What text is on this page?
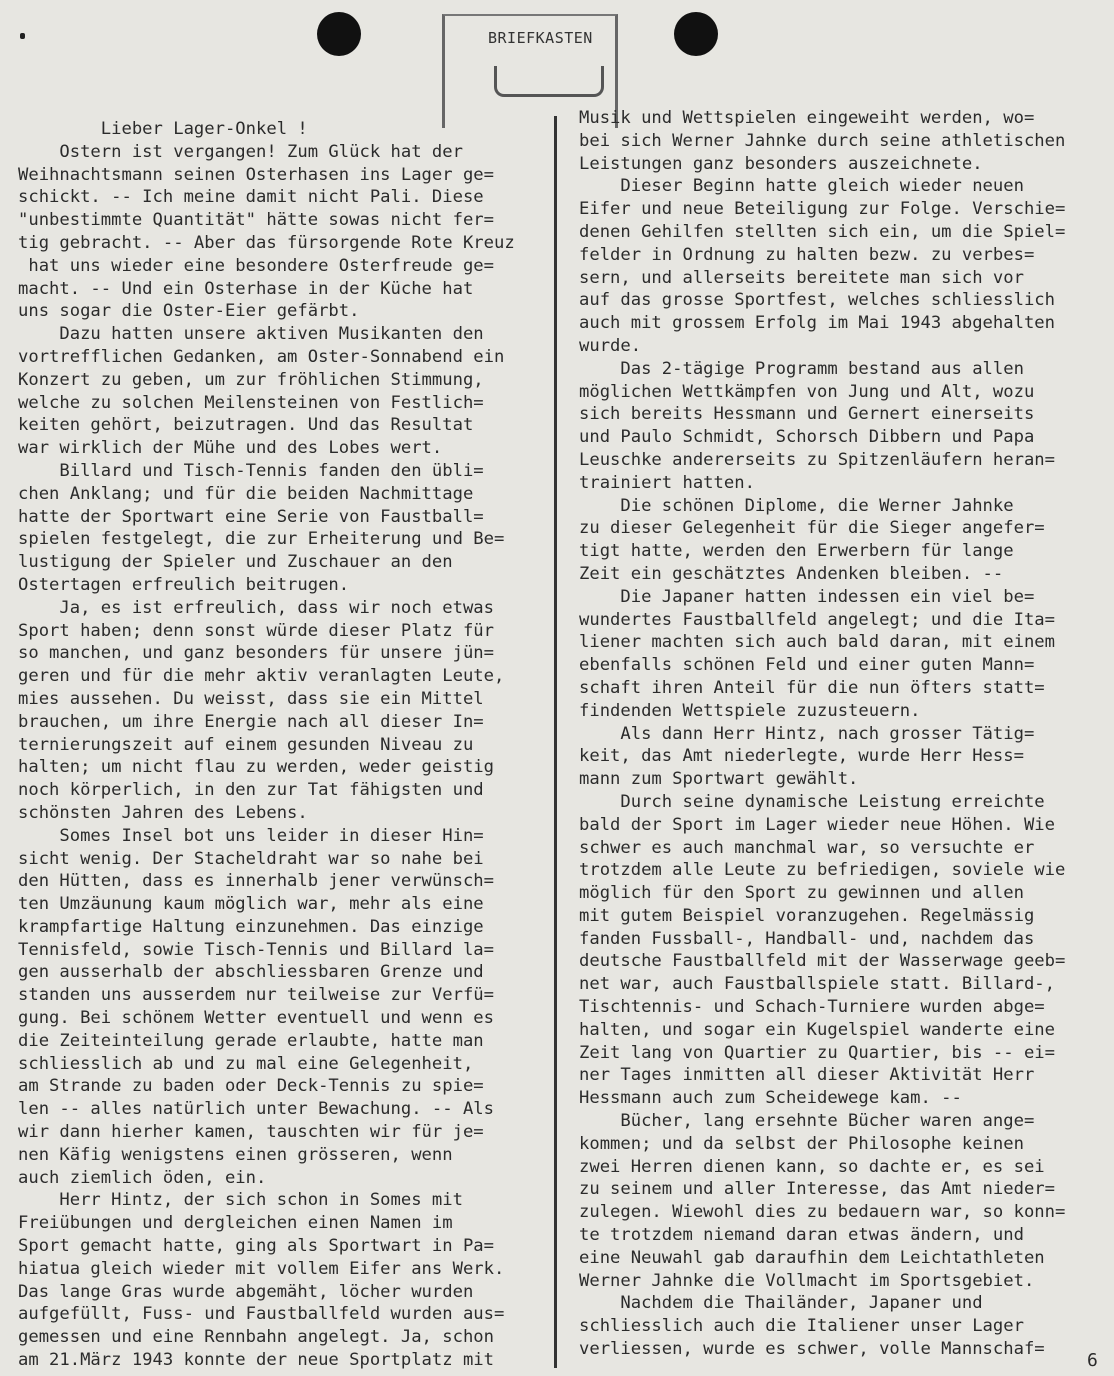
BRIEFKASTEN
Lieber Lager-Onkel !
Ostern ist vergangen! Zum Glück hat der
Weihnachtsmann seinen Osterhasen ins Lager ge=
schickt. -- Ich meine damit nicht Pali. Diese
"unbestimmte Quantität" hätte sowas nicht fer=
tig gebracht. -- Aber das fürsorgende Rote Kreuz
hat uns wieder eine besondere Osterfreude ge=
macht. -- Und ein Osterhase in der Küche hat
uns sogar die Oster-Eier gefärbt.
Dazu hatten unsere aktiven Musikanten den
vortrefflichen Gedanken, am Oster-Sonnabend ein
Konzert zu geben, um zur fröhlichen Stimmung,
welche zu solchen Meilensteinen von Festlich=
keiten gehört, beizutragen. Und das Resultat
war wirklich der Mühe und des Lobes wert.
Billard und Tisch-Tennis fanden den übli=
chen Anklang; und für die beiden Nachmittage
hatte der Sportwart eine Serie von Faustball=
spielen festgelegt, die zur Erheiterung und Be=
lustigung der Spieler und Zuschauer an den
Ostertagen erfreulich beitrugen.
Ja, es ist erfreulich, dass wir noch etwas
Sport haben; denn sonst würde dieser Platz für
so manchen, und ganz besonders für unsere jün=
geren und für die mehr aktiv veranlagten Leute,
mies aussehen. Du weisst, dass sie ein Mittel
brauchen, um ihre Energie nach all dieser In=
ternierungszeit auf einem gesunden Niveau zu
halten; um nicht flau zu werden, weder geistig
noch körperlich, in den zur Tat fähigsten und
schönsten Jahren des Lebens.
Somes Insel bot uns leider in dieser Hin=
sicht wenig. Der Stacheldraht war so nahe bei
den Hütten, dass es innerhalb jener verwünsch=
ten Umzäunung kaum möglich war, mehr als eine
krampfartige Haltung einzunehmen. Das einzige
Tennisfeld, sowie Tisch-Tennis und Billard la=
gen ausserhalb der abschliessbaren Grenze und
standen uns ausserdem nur teilweise zur Verfü=
gung. Bei schönem Wetter eventuell und wenn es
die Zeiteinteilung gerade erlaubte, hatte man
schliesslich ab und zu mal eine Gelegenheit,
am Strande zu baden oder Deck-Tennis zu spie=
len -- alles natürlich unter Bewachung. -- Als
wir dann hierher kamen, tauschten wir für je=
nen Käfig wenigstens einen grösseren, wenn
auch ziemlich öden, ein.
Herr Hintz, der sich schon in Somes mit
Freiübungen und dergleichen einen Namen im
Sport gemacht hatte, ging als Sportwart in Pa=
hiatua gleich wieder mit vollem Eifer ans Werk.
Das lange Gras wurde abgemäht, löcher wurden
aufgefüllt, Fuss- und Faustballfeld wurden aus=
gemessen und eine Rennbahn angelegt. Ja, schon
am 21.März 1943 konnte der neue Sportplatz mit
Musik und Wettspielen eingeweiht werden, wo=
bei sich Werner Jahnke durch seine athletischen
Leistungen ganz besonders auszeichnete.
Dieser Beginn hatte gleich wieder neuen
Eifer und neue Beteiligung zur Folge. Verschie=
denen Gehilfen stellten sich ein, um die Spiel=
felder in Ordnung zu halten bezw. zu verbes=
sern, und allerseits bereitete man sich vor
auf das grosse Sportfest, welches schliesslich
auch mit grossem Erfolg im Mai 1943 abgehalten
wurde.
Das 2-tägige Programm bestand aus allen
möglichen Wettkämpfen von Jung und Alt, wozu
sich bereits Hessmann und Gernert einerseits
und Paulo Schmidt, Schorsch Dibbern und Papa
Leuschke andererseits zu Spitzenläufern heran=
trainiert hatten.
Die schönen Diplome, die Werner Jahnke
zu dieser Gelegenheit für die Sieger angefer=
tigt hatte, werden den Erwerbern für lange
Zeit ein geschätztes Andenken bleiben. --
Die Japaner hatten indessen ein viel be=
wundertes Faustballfeld angelegt; und die Ita=
liener machten sich auch bald daran, mit einem
ebenfalls schönen Feld und einer guten Mann=
schaft ihren Anteil für die nun öfters statt=
findenden Wettspiele zuzusteuern.
Als dann Herr Hintz, nach grosser Tätig=
keit, das Amt niederlegte, wurde Herr Hess=
mann zum Sportwart gewählt.
Durch seine dynamische Leistung erreichte
bald der Sport im Lager wieder neue Höhen. Wie
schwer es auch manchmal war, so versuchte er
trotzdem alle Leute zu befriedigen, soviele wie
möglich für den Sport zu gewinnen und allen
mit gutem Beispiel voranzugehen. Regelmässig
fanden Fussball-, Handball- und, nachdem das
deutsche Faustballfeld mit der Wasserwage geeb=
net war, auch Faustballspiele statt. Billard-,
Tischtennis- und Schach-Turniere wurden abge=
halten, und sogar ein Kugelspiel wanderte eine
Zeit lang von Quartier zu Quartier, bis -- ei=
ner Tages inmitten all dieser Aktivität Herr
Hessmann auch zum Scheidewege kam. --
Bücher, lang ersehnte Bücher waren ange=
kommen; und da selbst der Philosophe keinen
zwei Herren dienen kann, so dachte er, es sei
zu seinem und aller Interesse, das Amt nieder=
zulegen. Wiewohl dies zu bedauern war, so konn=
te trotzdem niemand daran etwas ändern, und
eine Neuwahl gab daraufhin dem Leichtathleten
Werner Jahnke die Vollmacht im Sportsgebiet.
Nachdem die Thailänder, Japaner und
schliesslich auch die Italiener unser Lager
verliessen, wurde es schwer, volle Mannschaf=
6
